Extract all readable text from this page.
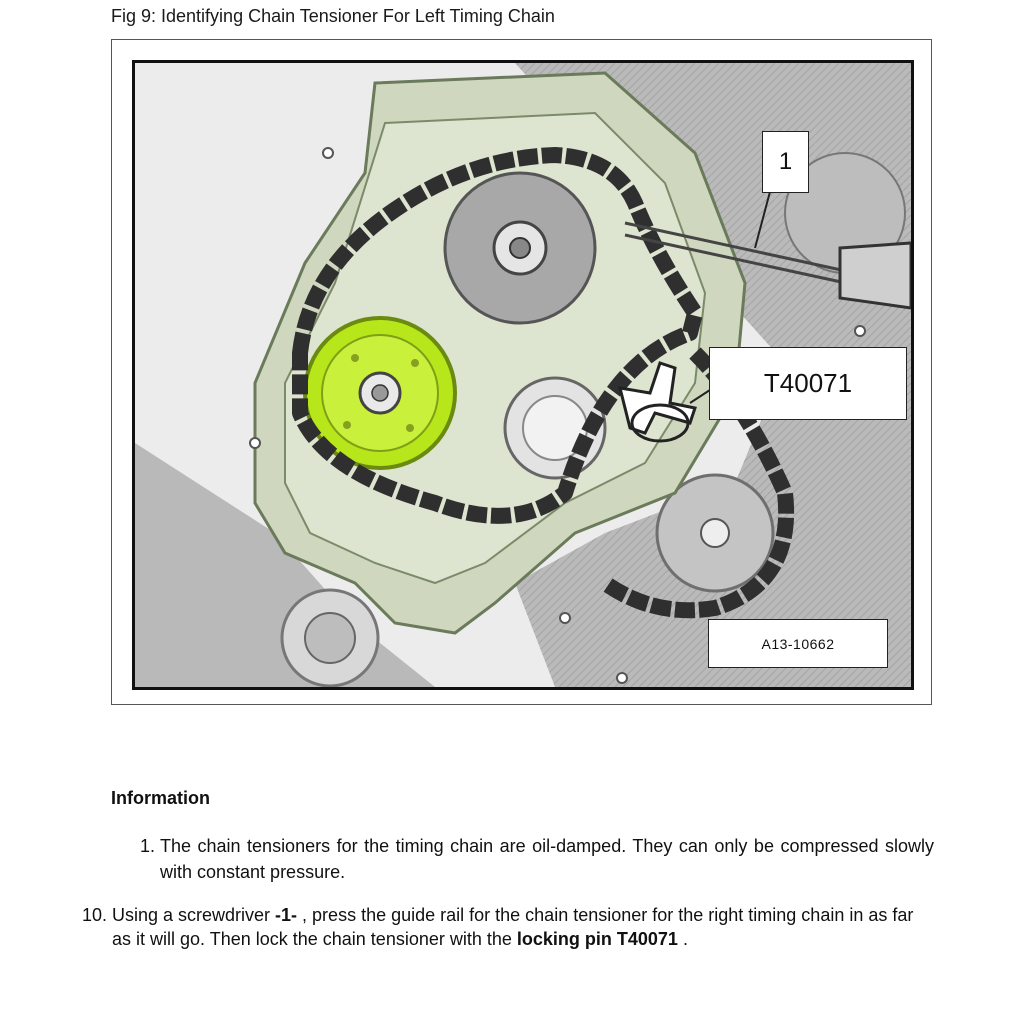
Fig 9: Identifying Chain Tensioner For Left Timing Chain
1
T40071
A13-10662
Information
1. The chain tensioners for the timing chain are oil-damped. They can only be compressed slowly with constant pressure.
10. Using a screwdriver -1- , press the guide rail for the chain tensioner for the right timing chain in as far as it will go. Then lock the chain tensioner with the locking pin T40071 .
